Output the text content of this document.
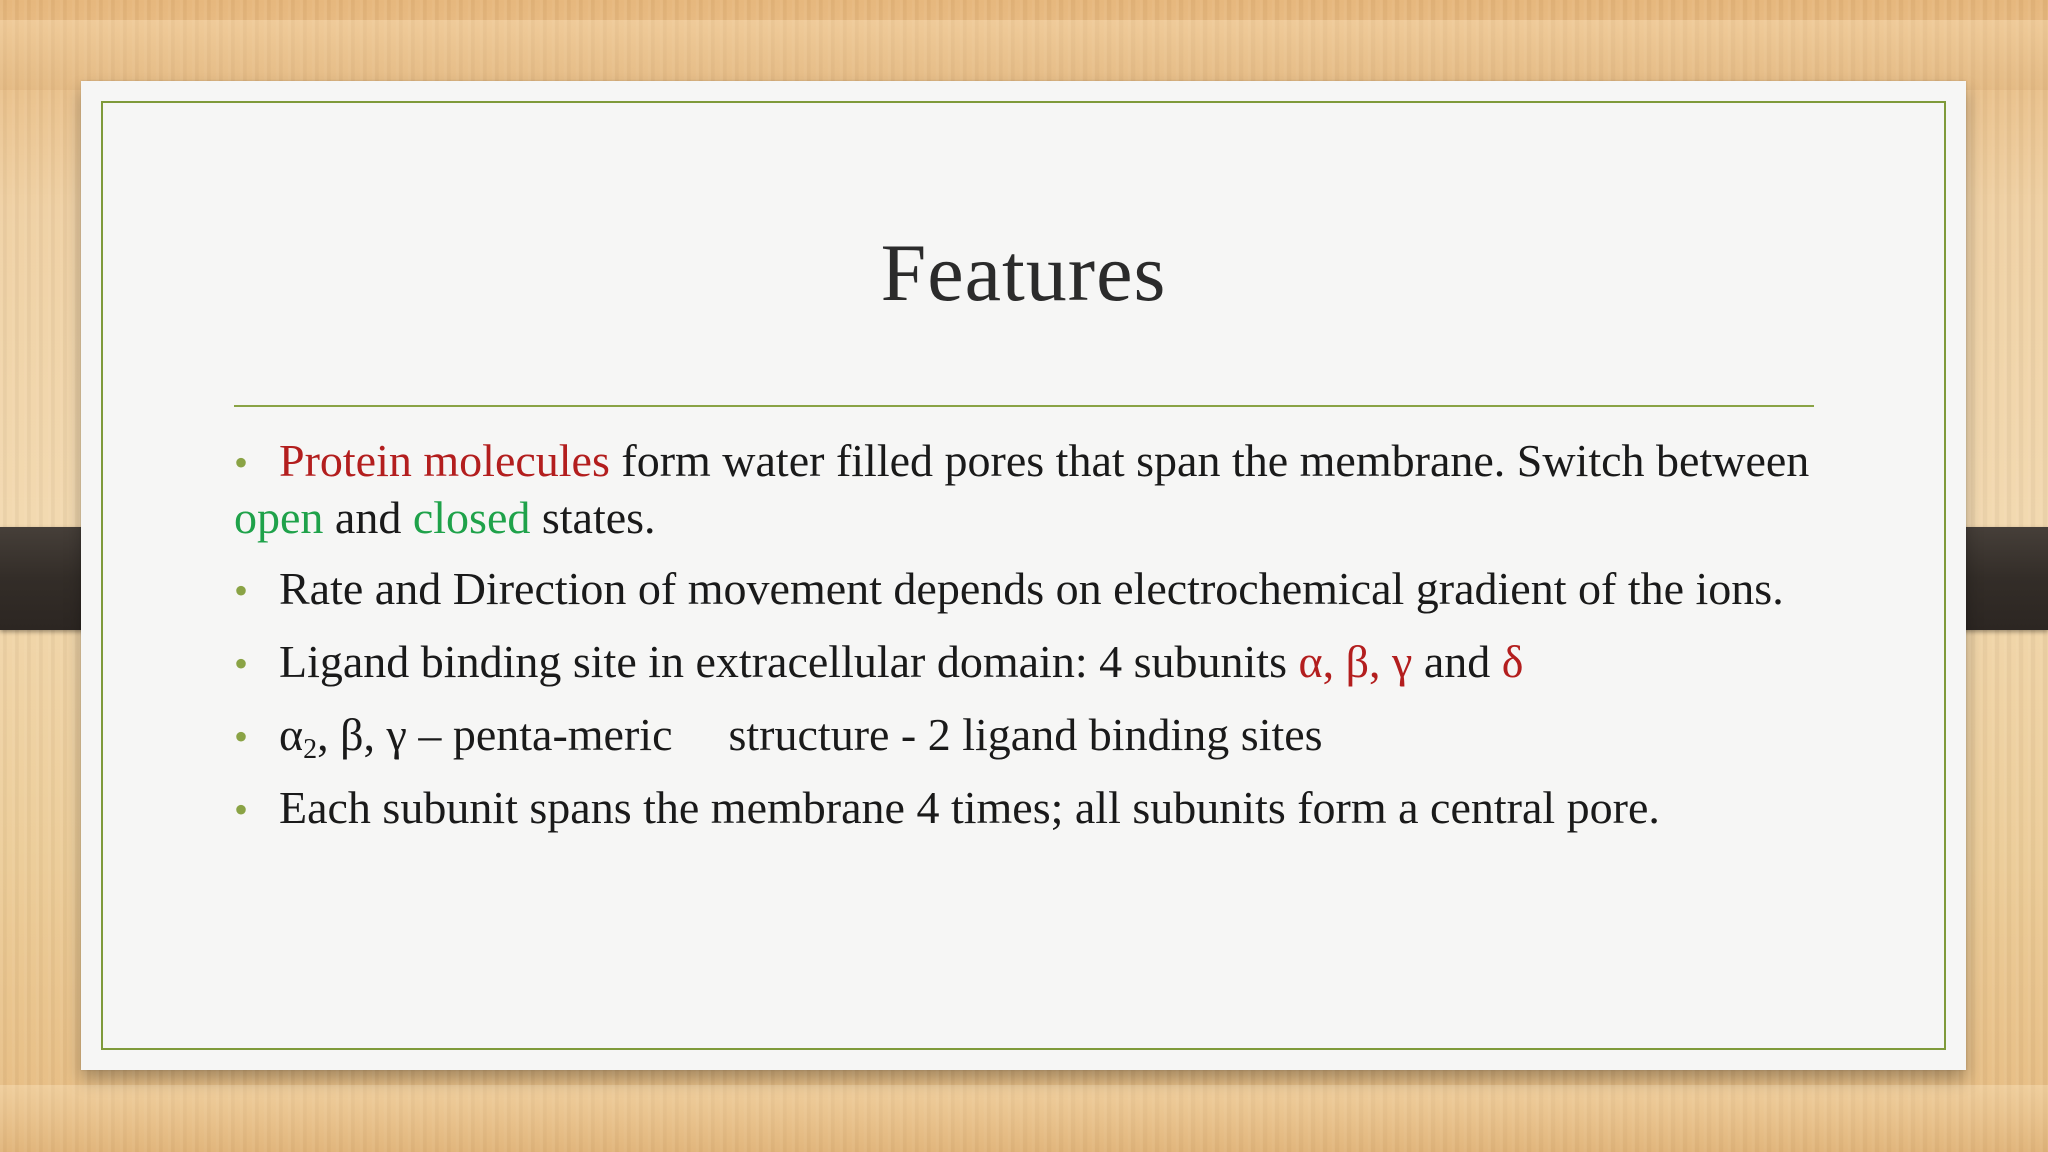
Features
• Protein molecules form water filled pores that span the membrane. Switch between open and closed states.
• Rate and Direction of movement depends on electrochemical gradient of the ions.
• Ligand binding site in extracellular domain: 4 subunits α, β, γ and δ
• $\alpha_2$, β, γ – penta-meric structure - 2 ligand binding sites
• Each subunit spans the membrane 4 times; all subunits form a central pore.
